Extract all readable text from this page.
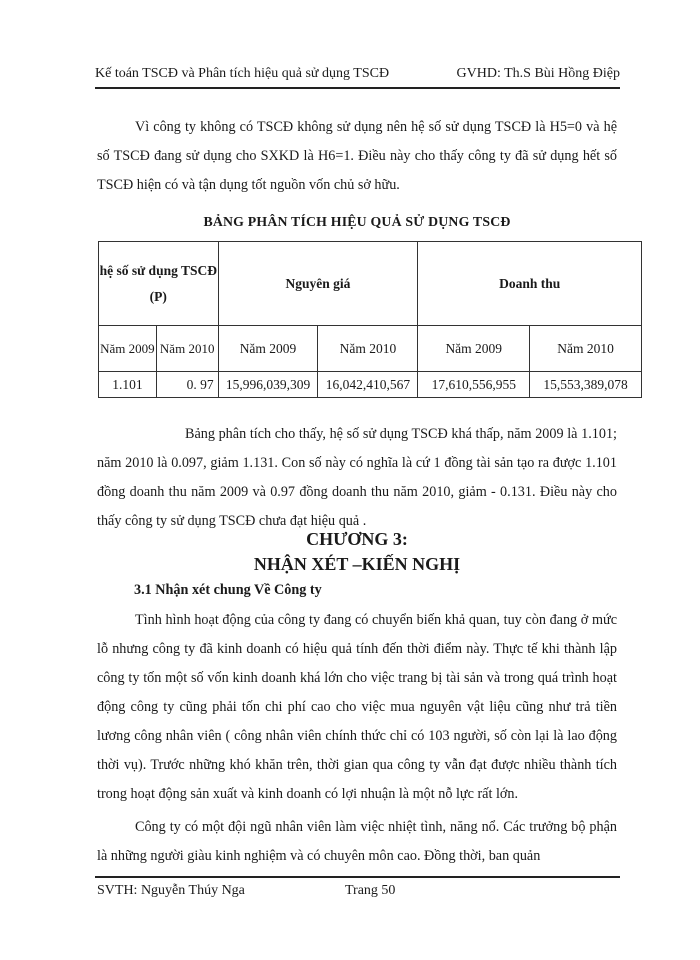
Kế toán TSCĐ và Phân tích hiệu quả sử dụng TSCĐ	GVHD: Th.S Bùi Hồng Điệp

Vì công ty không có TSCĐ không sử dụng nên hệ số sử dụng TSCĐ là H5=0 và hệ số TSCĐ đang sử dụng cho SXKD là H6=1. Điều này cho thấy công ty đã sử dụng hết số TSCĐ hiện có và tận dụng tốt nguồn vốn chủ sở hữu.

BẢNG PHÂN TÍCH HIỆU QUẢ SỬ DỤNG TSCĐ
hệ số sử dụng TSCĐ (P)		Nguyên giá		Doanh thu	
Năm 2009	Năm 2010	Năm 2009	Năm 2010	Năm 2009	Năm 2010
1.101	0. 97	15,996,039,309	16,042,410,567	17,610,556,955	15,553,389,078

Bảng phân tích cho thấy, hệ số sử dụng TSCĐ khá thấp, năm 2009 là 1.101; năm 2010 là 0.097, giảm 1.131. Con số này có nghĩa là cứ 1 đồng tài sản tạo ra được 1.101 đồng doanh thu năm 2009 và 0.97 đồng doanh thu năm 2010, giảm - 0.131. Điều này cho thấy công ty sử dụng TSCĐ chưa đạt hiệu quả .

CHƯƠNG 3:
NHẬN XÉT –KIẾN NGHỊ
3.1 Nhận xét chung Về Công ty

Tình hình hoạt động của công ty đang có chuyển biến khả quan, tuy còn đang ở mức lỗ nhưng công ty đã kinh doanh có hiệu quả tính đến thời điểm này. Thực tế khi thành lập công ty tốn một số vốn kinh doanh khá lớn cho việc trang bị tài sản và trong quá trình hoạt động công ty cũng phải tốn chi phí cao cho việc mua nguyên vật liệu cũng như trả tiền lương công nhân viên ( công nhân viên chính thức chỉ có 103 người, số còn lại là lao động thời vụ). Trước những khó khăn trên, thời gian qua công ty vẫn đạt được nhiều thành tích trong hoạt động sản xuất và kinh doanh có lợi nhuận là một nỗ lực rất lớn.

Công ty có một đội ngũ nhân viên làm việc nhiệt tình, năng nổ. Các trưởng bộ phận là những người giàu kinh nghiệm và có chuyên môn cao. Đồng thời, ban quản

SVTH: Nguyễn Thúy Nga	Trang 50
